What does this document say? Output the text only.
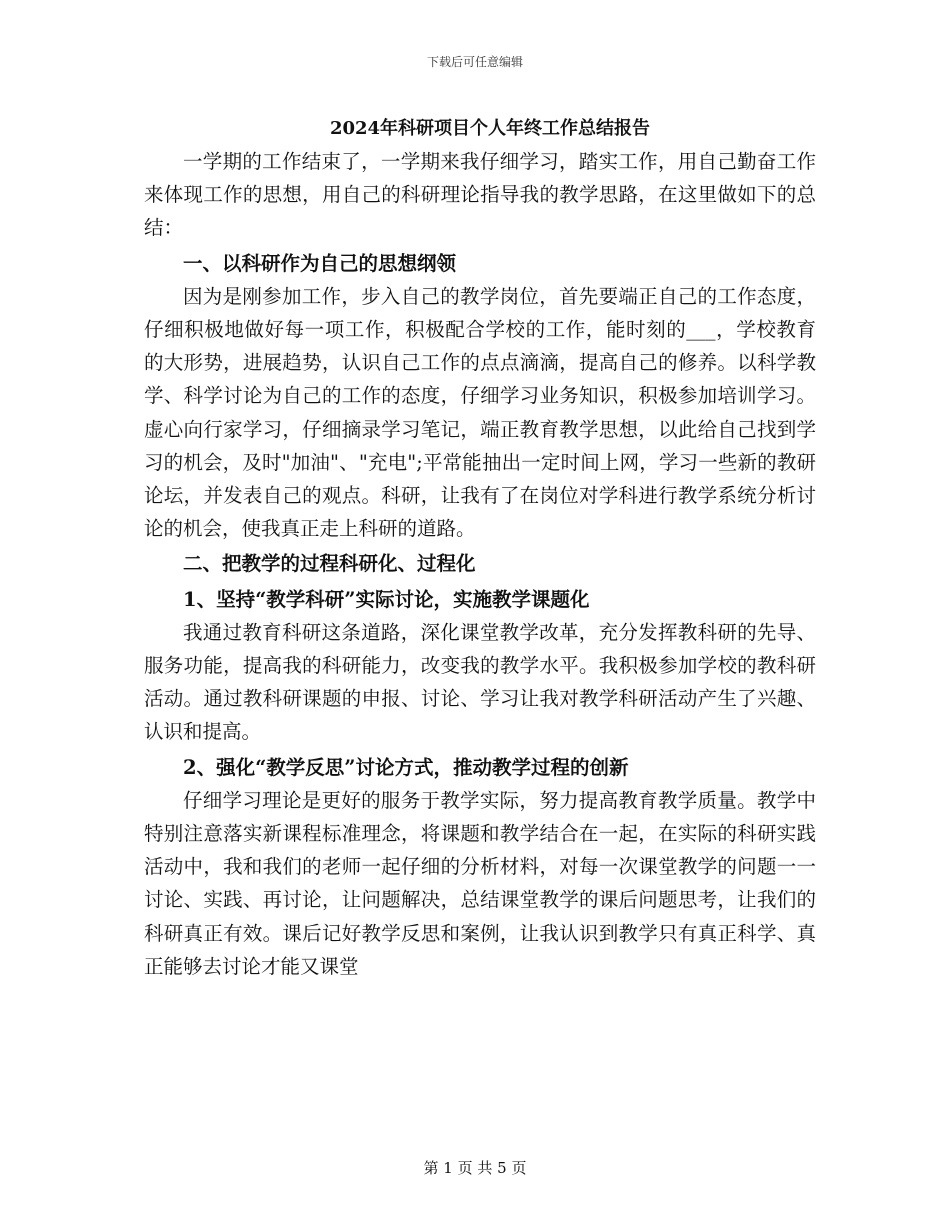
下载后可任意编辑
2024年科研项目个人年终工作总结报告

一学期的工作结束了，一学期来我仔细学习，踏实工作，用自己勤奋工作来体现工作的思想，用自己的科研理论指导我的教学思路，在这里做如下的总结：

一、以科研作为自己的思想纲领

因为是刚参加工作，步入自己的教学岗位，首先要端正自己的工作态度，仔细积极地做好每一项工作，积极配合学校的工作，能时刻的___，学校教育的大形势，进展趋势，认识自己工作的点点滴滴，提高自己的修养。以科学教学、科学讨论为自己的工作的态度，仔细学习业务知识，积极参加培训学习。虚心向行家学习，仔细摘录学习笔记，端正教育教学思想，以此给自己找到学习的机会，及时"加油"、"充电";平常能抽出一定时间上网，学习一些新的教研论坛，并发表自己的观点。科研，让我有了在岗位对学科进行教学系统分析讨论的机会，使我真正走上科研的道路。

二、把教学的过程科研化、过程化
1、坚持“教学科研”实际讨论，实施教学课题化

我通过教育科研这条道路，深化课堂教学改革，充分发挥教科研的先导、服务功能，提高我的科研能力，改变我的教学水平。我积极参加学校的教科研活动。通过教科研课题的申报、讨论、学习让我对教学科研活动产生了兴趣、认识和提高。

2、强化“教学反思”讨论方式，推动教学过程的创新

仔细学习理论是更好的服务于教学实际，努力提高教育教学质量。教学中特别注意落实新课程标准理念，将课题和教学结合在一起，在实际的科研实践活动中，我和我们的老师一起仔细的分析材料，对每一次课堂教学的问题一一讨论、实践、再讨论，让问题解决，总结课堂教学的课后问题思考，让我们的科研真正有效。课后记好教学反思和案例，让我认识到教学只有真正科学、真正能够去讨论才能又课堂

第 1 页 共 5 页
